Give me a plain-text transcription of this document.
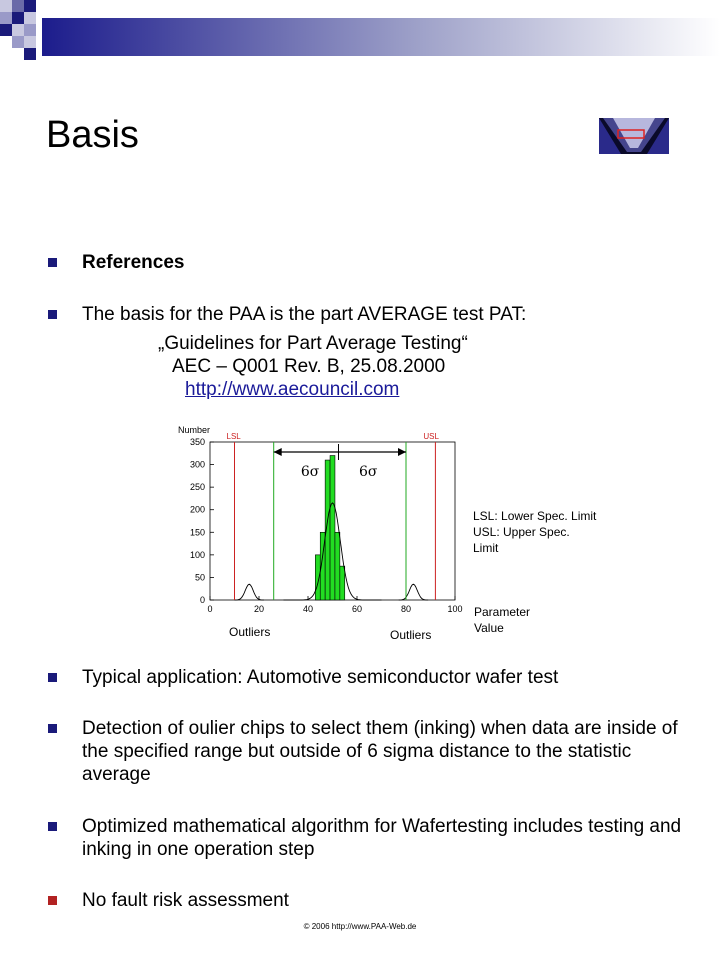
Basis
References
The basis for the PAA is the part AVERAGE test PAT:
„Guidelines for Part Average Testing“
AEC – Q001 Rev. B, 25.08.2000
http://www.aecouncil.com
0
50
100
150
200
250
300
350
0	20	40	60	80	100
Number
LSL	USL
6σ	6σ
Outliers	Outliers
LSL: Lower Spec. Limit
USL: Upper Spec.
Limit
Parameter
Value
Typical application: Automotive semiconductor wafer test
Detection of oulier chips to select them (inking) when data are inside of the specified range but outside of 6 sigma distance to the statistic average
Optimized mathematical algorithm for Wafertesting includes testing and inking in one operation step
No fault risk assessment
© 2006 http://www.PAA-Web.de
